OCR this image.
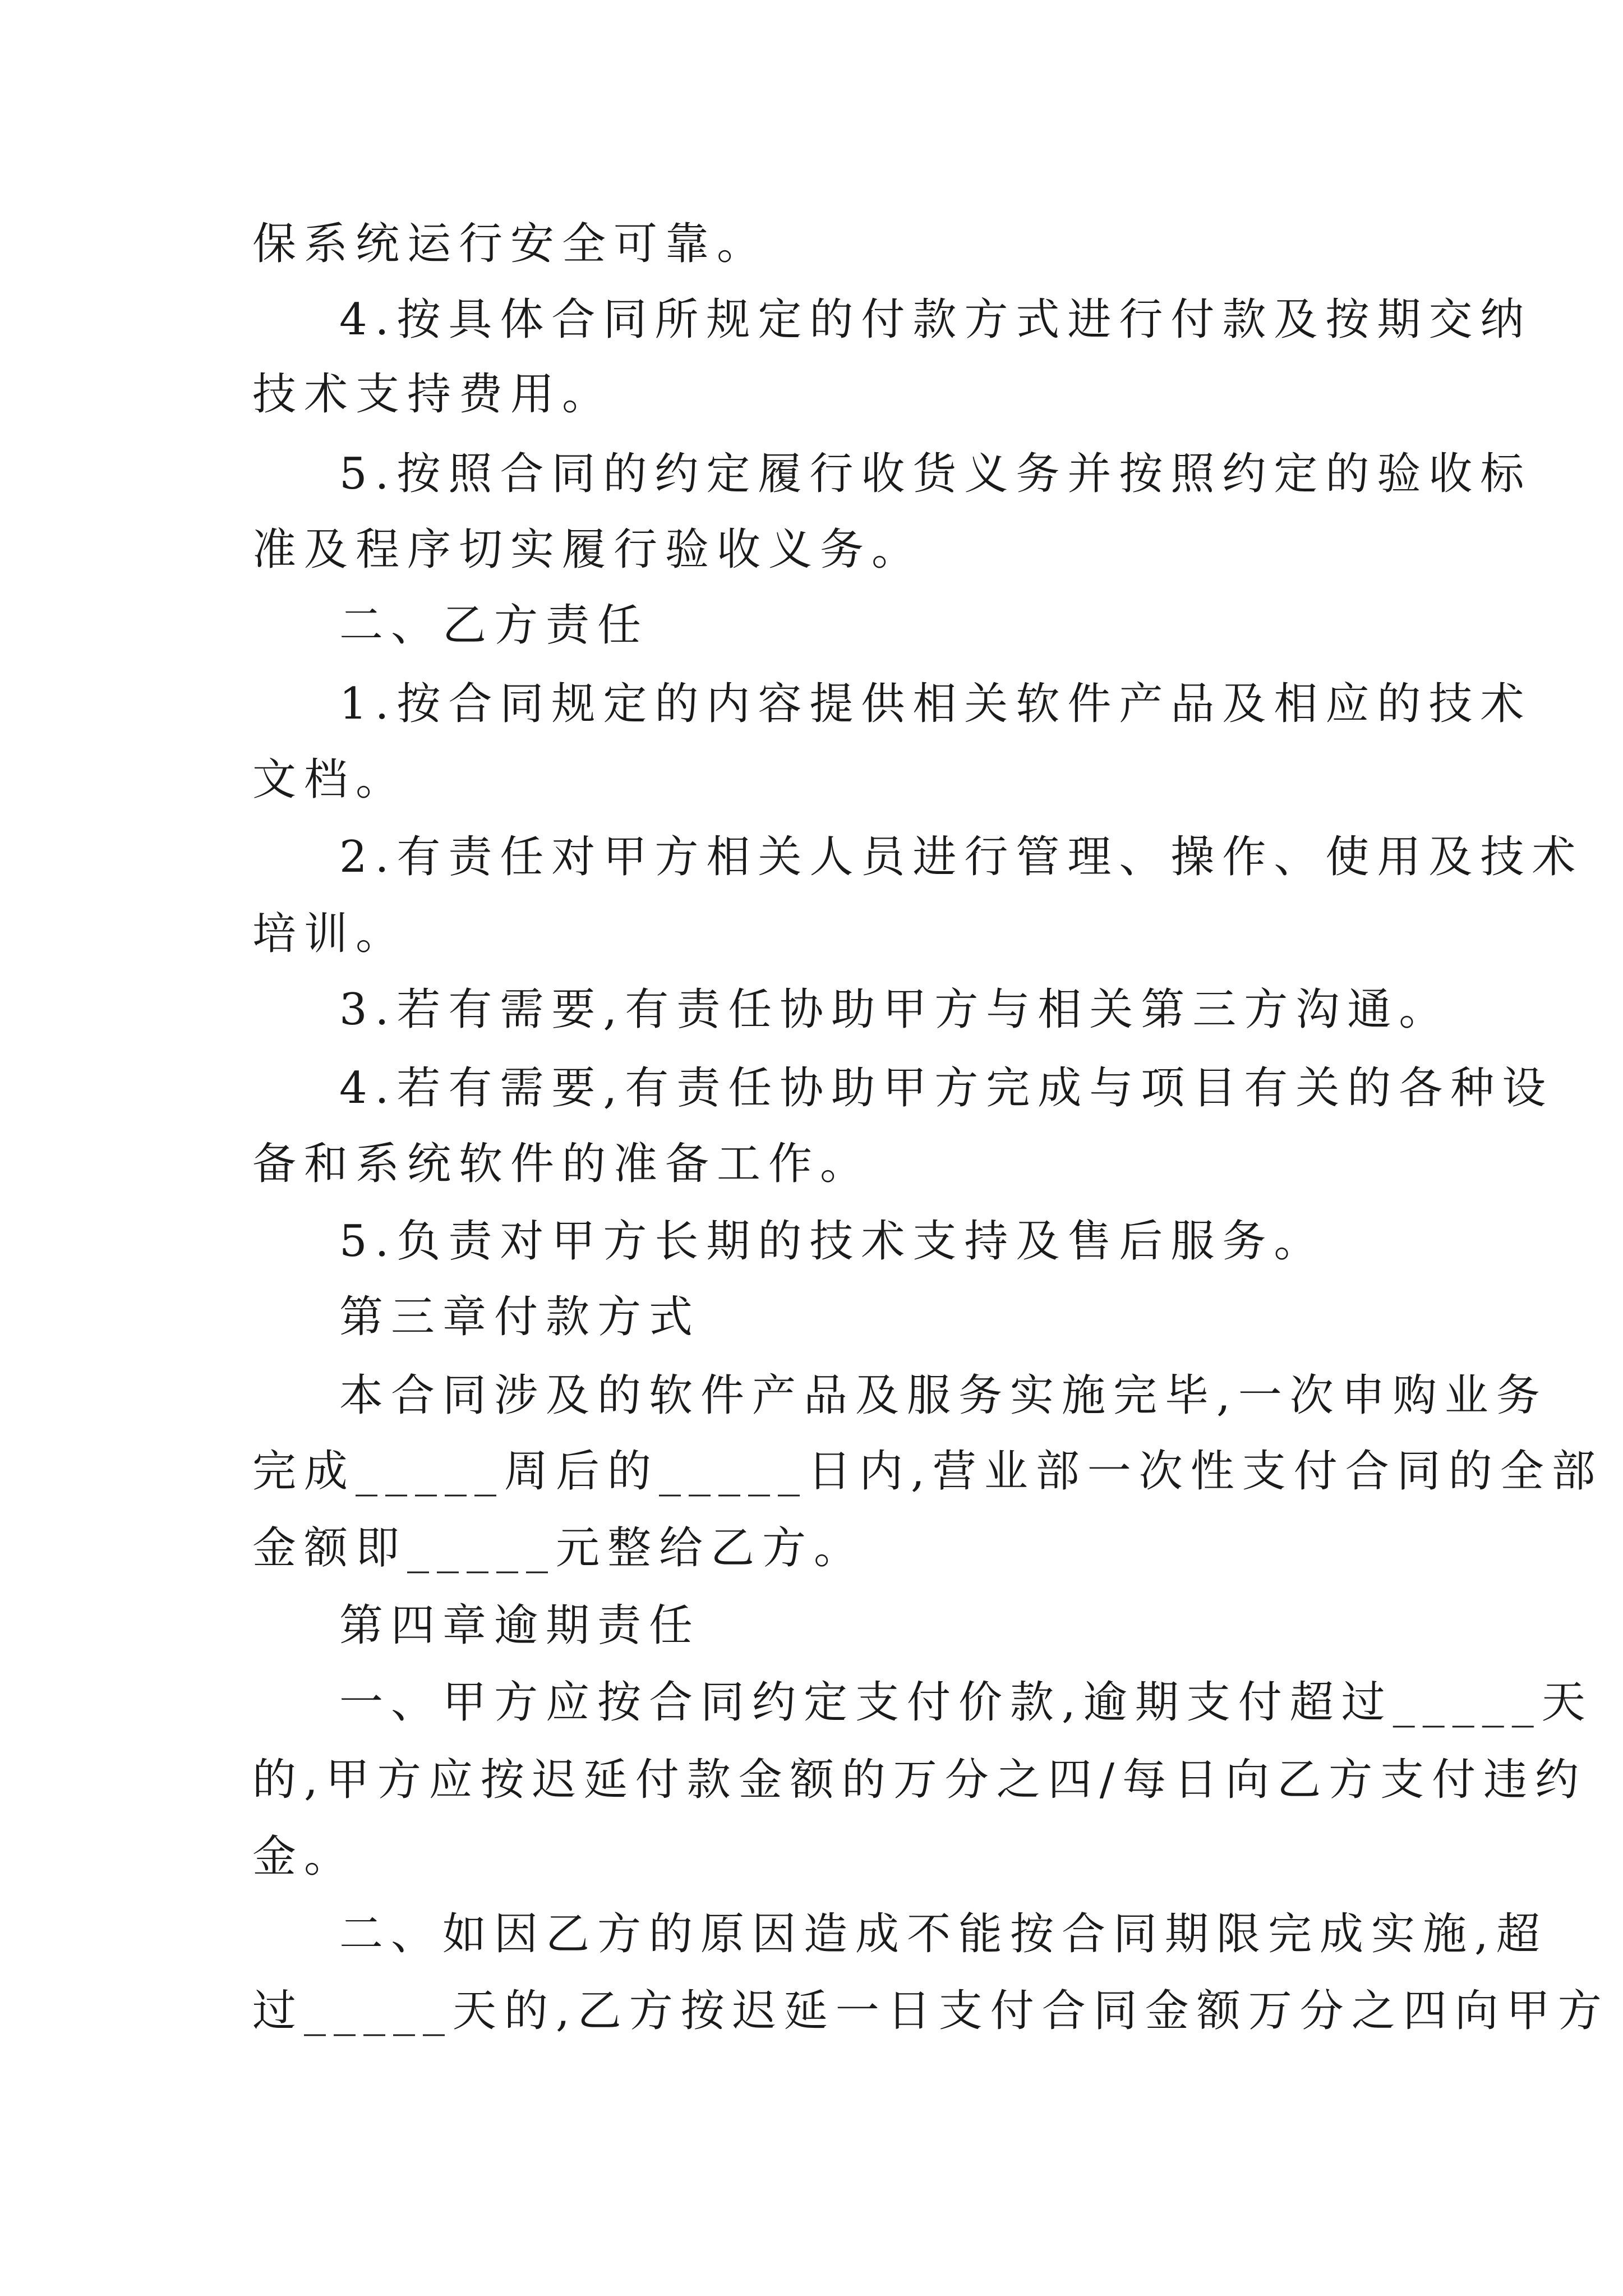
保系统运行安全可靠。

4.按具体合同所规定的付款方式进行付款及按期交纳

技术支持费用。

5.按照合同的约定履行收货义务并按照约定的验收标

准及程序切实履行验收义务。

二、乙方责任

1.按合同规定的内容提供相关软件产品及相应的技术

文档。

2.有责任对甲方相关人员进行管理、操作、使用及技术

培训。

3.若有需要,有责任协助甲方与相关第三方沟通。

4.若有需要,有责任协助甲方完成与项目有关的各种设

备和系统软件的准备工作。

5.负责对甲方长期的技术支持及售后服务。

第三章付款方式

本合同涉及的软件产品及服务实施完毕,一次申购业务

完成_____周后的_____日内,营业部一次性支付合同的全部

金额即_____元整给乙方。

第四章逾期责任

一、甲方应按合同约定支付价款,逾期支付超过_____天

的,甲方应按迟延付款金额的万分之四/每日向乙方支付违约

金。

二、如因乙方的原因造成不能按合同期限完成实施,超

过_____天的,乙方按迟延一日支付合同金额万分之四向甲方
